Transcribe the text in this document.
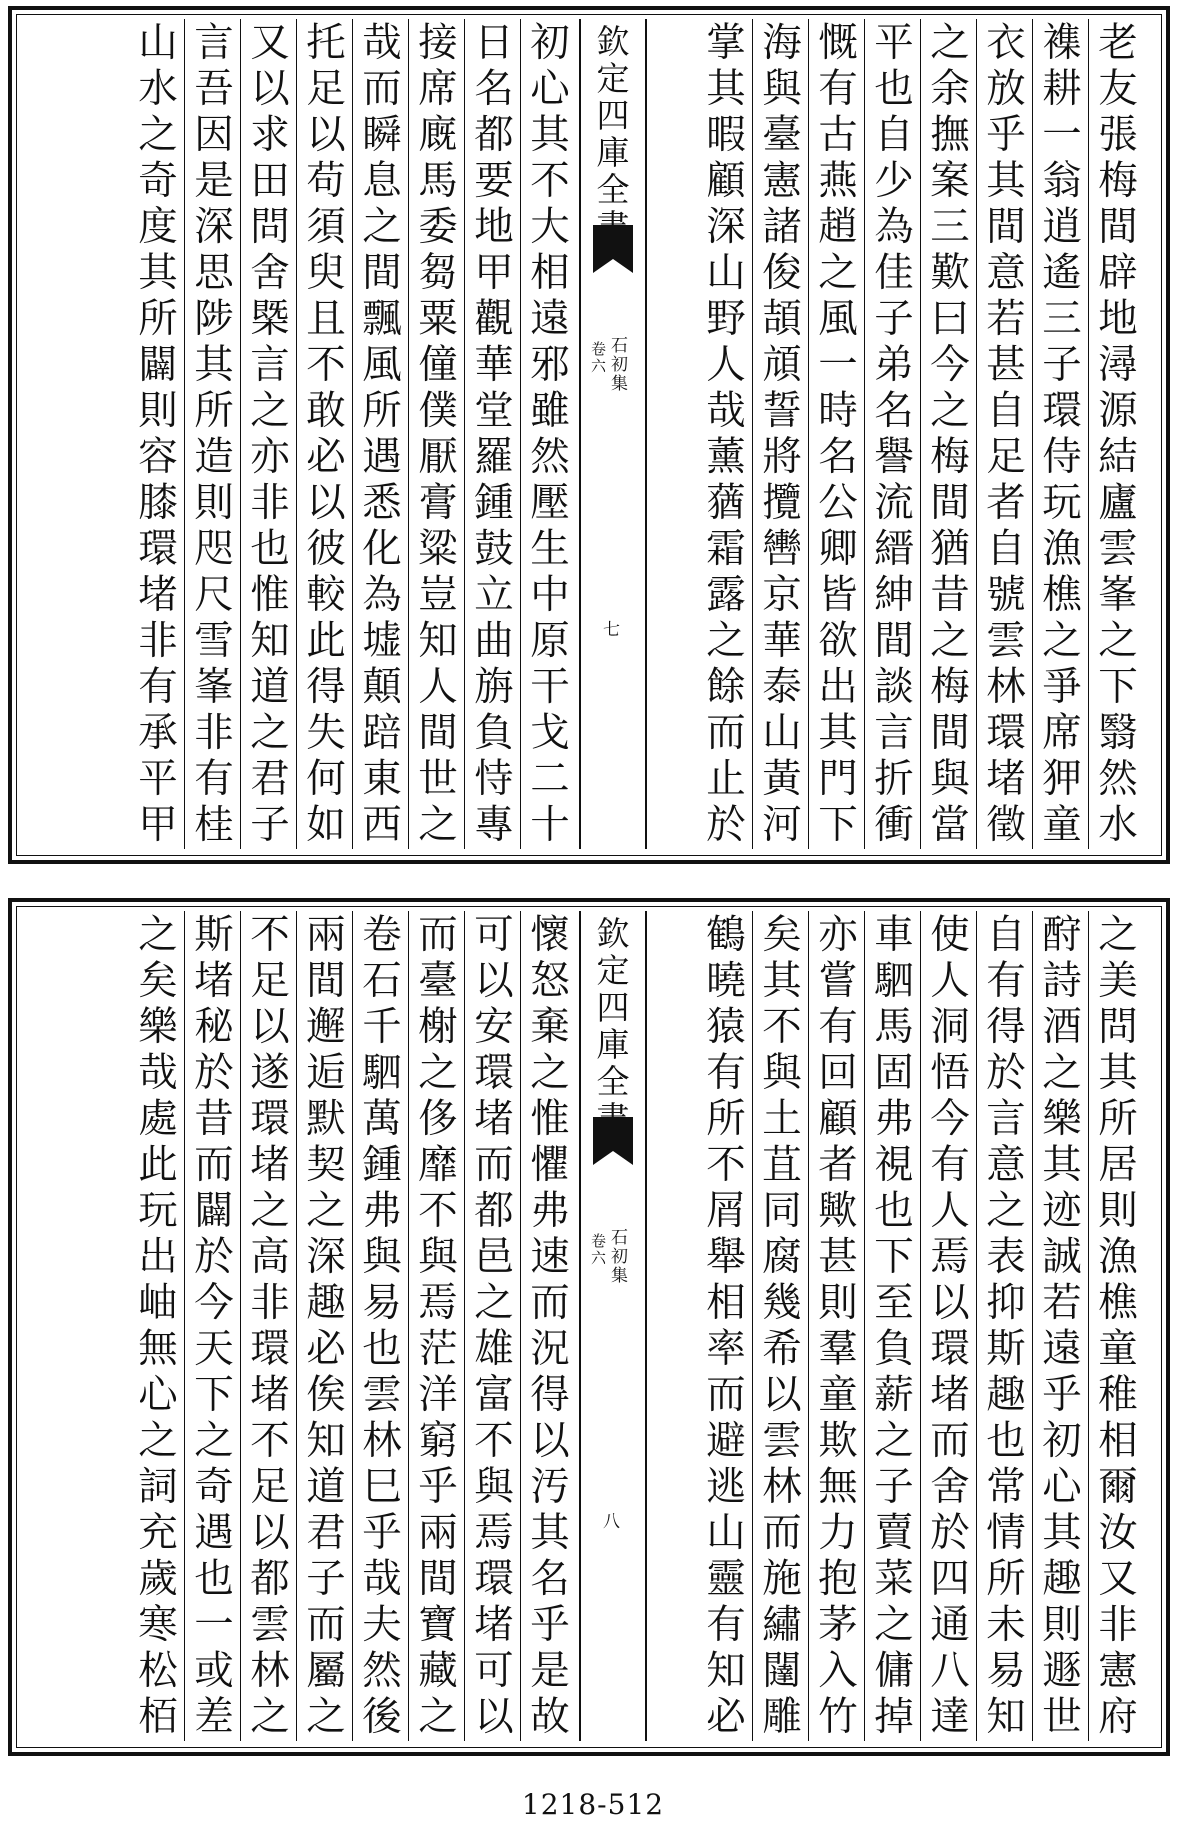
老
友
張
梅
間
辟
地
潯
源
結
廬
雲
峯
之
下
翳
然
水
襍
耕
一
翁
逍
遙
三
子
環
侍
玩
漁
樵
之
爭
席
狎
童
衣
放
乎
其
間
意
若
甚
自
足
者
自
號
雲
林
環
堵
徵
之
余
撫
案
三
歎
曰
今
之
梅
間
猶
昔
之
梅
間
與
當
平
也
自
少
為
佳
子
弟
名
譽
流
縉
紳
間
談
言
折
衝
慨
有
古
燕
趙
之
風
一
時
名
公
卿
皆
欲
出
其
門
下
海
與
臺
憲
諸
俊
頡
頏
誓
將
攬
轡
京
華
泰
山
黃
河
掌
其
暇
顧
深
山
野
人
哉
薰
蕕
霜
露
之
餘
而
止
於
初
心
其
不
大
相
遠
邪
雖
然
壓
生
中
原
干
戈
二
十
日
名
都
要
地
甲
觀
華
堂
羅
鍾
鼓
立
曲
旃
負
恃
專
接
席
廐
馬
委
芻
粟
僮
僕
厭
膏
粱
豈
知
人
間
世
之
哉
而
瞬
息
之
間
飄
風
所
遇
悉
化
為
墟
顛
踣
東
西
托
足
以
苟
須
臾
且
不
敢
必
以
彼
較
此
得
失
何
如
又
以
求
田
問
舍
槩
言
之
亦
非
也
惟
知
道
之
君
子
言
吾
因
是
深
思
陟
其
所
造
則
咫
尺
雪
峯
非
有
桂
山
水
之
奇
度
其
所
闢
則
容
膝
環
堵
非
有
承
平
甲
欽
定
四
庫
全
石
初
集
卷
六
七
之
美
問
其
所
居
則
漁
樵
童
稚
相
爾
汝
又
非
憲
府
酧
詩
酒
之
樂
其
迹
誠
若
遠
乎
初
心
其
趣
則
遯
世
自
有
得
於
言
意
之
表
抑
斯
趣
也
常
情
所
未
易
知
使
人
洞
悟
今
有
人
焉
以
環
堵
而
舍
於
四
通
八
達
車
駟
馬
固
弗
視
也
下
至
負
薪
之
子
賣
菜
之
傭
掉
亦
嘗
有
回
顧
者
歟
甚
則
羣
童
欺
無
力
抱
茅
入
竹
矣
其
不
與
土
苴
同
腐
幾
希
以
雲
林
而
施
繡
闥
雕
鶴
曉
猿
有
所
不
屑
舉
相
率
而
避
逃
山
靈
有
知
必
懷
怒
棄
之
惟
懼
弗
速
而
況
得
以
汚
其
名
乎
是
故
可
以
安
環
堵
而
都
邑
之
雄
富
不
與
焉
環
堵
可
以
而
臺
榭
之
侈
靡
不
與
焉
茫
洋
窮
乎
兩
間
寶
藏
之
卷
石
千
駟
萬
鍾
弗
與
易
也
雲
林
巳
乎
哉
夫
然
後
兩
間
邂
逅
默
契
之
深
趣
必
俟
知
道
君
子
而
屬
之
不
足
以
遂
環
堵
之
高
非
環
堵
不
足
以
都
雲
林
之
斯
堵
秘
於
昔
而
闢
於
今
天
下
之
奇
遇
也
一
或
差
之
矣
樂
哉
處
此
玩
出
岫
無
心
之
詞
充
歲
寒
松
栢
欽
定
四
庫
全
石
初
集
卷
六
八
1218-512
